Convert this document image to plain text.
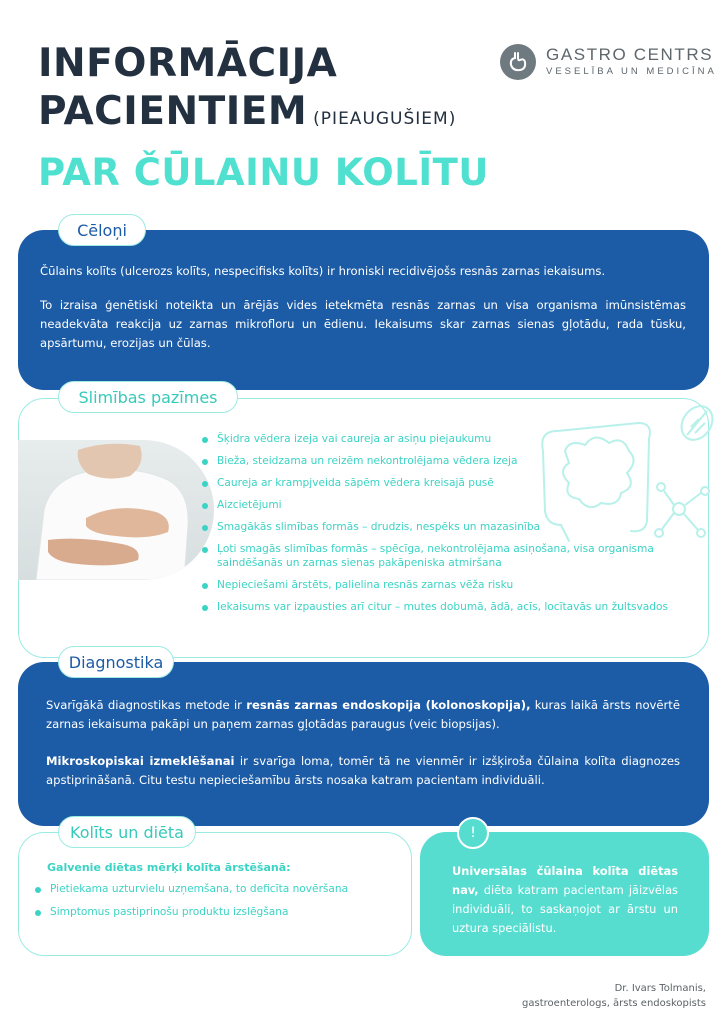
INFORMĀCIJA
PACIENTIEM (PIEAUGUŠIEM)
PAR ČŪLAINU KOLĪTU
GASTRO CENTRS
VESELĪBA UN MEDICĪNA
Čūlains kolīts (ulcerozs kolīts, nespecifisks kolīts) ir hroniski recidivējošs resnās zarnas iekaisums.
To izraisa ģenētiski noteikta un ārējās vides ietekmēta resnās zarnas un visa organisma imūnsistēmas neadekvāta reakcija uz zarnas mikrofloru un ēdienu. Iekaisums skar zarnas sienas gļotādu, rada tūsku, apsārtumu, erozijas un čūlas.
Cēloņi
Slimības pazīmes
Šķidra vēdera izeja vai caureja ar asiņu piejaukumu
Bieža, steidzama un reizēm nekontrolējama vēdera izeja
Caureja ar krampjveida sāpēm vēdera kreisajā pusē
Aizcietējumi
Smagākās slimības formās – drudzis, nespēks un mazasinība
Ļoti smagās slimības formās – spēcīga, nekontrolējama asiņošana, visa organisma saindēšanās un zarnas sienas pakāpeniska atmiršana
Nepieciešami ārstēts, palielina resnās zarnas vēža risku
Iekaisums var izpausties arī citur – mutes dobumā, ādā, acīs, locītavās un žultsvados
Svarīgākā diagnostikas metode ir resnās zarnas endoskopija (kolonoskopija), kuras laikā ārsts novērtē zarnas iekaisuma pakāpi un paņem zarnas gļotādas paraugus (veic biopsijas).
Mikroskopiskai izmeklēšanai ir svarīga loma, tomēr tā ne vienmēr ir izšķiroša čūlaina kolīta diagnozes apstiprināšanā. Citu testu nepieciešamību ārsts nosaka katram pacientam individuāli.
Diagnostika
Galvenie diētas mērķi kolīta ārstēšanā:
Pietiekama uzturvielu uzņemšana, to deficīta novēršana
Simptomus pastiprinošu produktu izslēgšana
Kolīts un diēta
Universālas čūlaina kolīta diētas nav, diēta katram pacientam jāizvēlas individuāli, to saskaņojot ar ārstu un uztura speciālistu.
!
Dr. Ivars Tolmanis,
gastroenterologs, ārsts endoskopists
